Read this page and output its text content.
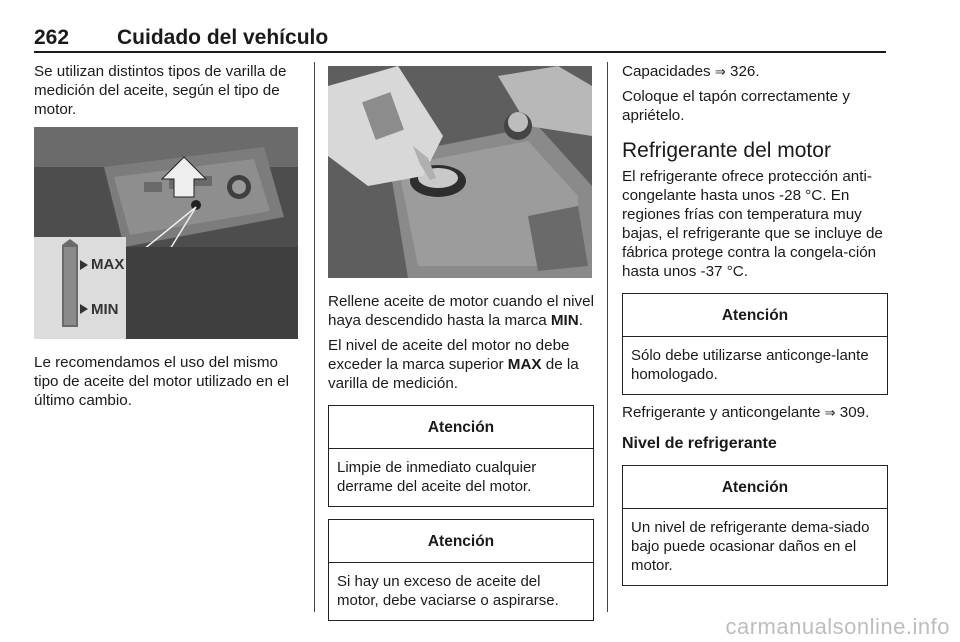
262 Cuidado del vehículo

Se utilizan distintos tipos de varilla de medición del aceite, según el tipo de motor.

MAX
MIN

Le recomendamos el uso del mismo tipo de aceite del motor utilizado en el último cambio.

Rellene aceite de motor cuando el nivel haya descendido hasta la marca MIN.

El nivel de aceite del motor no debe exceder la marca superior MAX de la varilla de medición.

Atención
Limpie de inmediato cualquier derrame del aceite del motor.
Atención
Si hay un exceso de aceite del motor, debe vaciarse o aspirarse.

Capacidades ⇒ 326.

Coloque el tapón correctamente y apriételo.

Refrigerante del motor

El refrigerante ofrece protección anti-congelante hasta unos -28 °C. En regiones frías con temperatura muy bajas, el refrigerante que se incluye de fábrica protege contra la congela-ción hasta unos -37 °C.

Atención
Sólo debe utilizarse anticonge-lante homologado.

Refrigerante y anticongelante ⇒ 309.

Nivel de refrigerante
Atención
Un nivel de refrigerante dema-siado bajo puede ocasionar daños en el motor.
carmanualsonline.info
